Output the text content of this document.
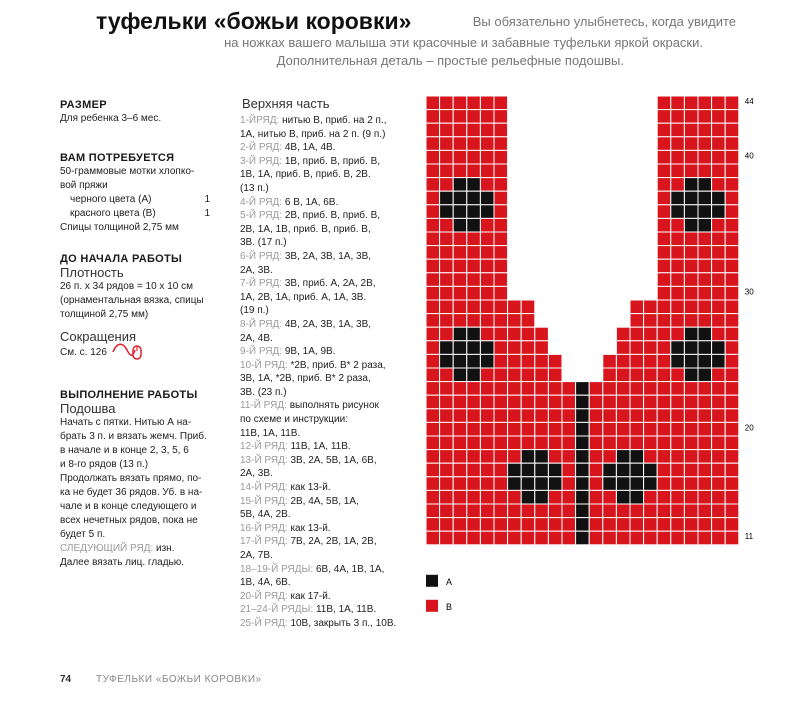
туфельки «божьи коровки»	Вы обязательно улыбнетесь, когда увидите
на ножках вашего малыша эти красочные и забавные туфельки яркой окраски.
Дополнительная деталь – простые рельефные подошвы.
РАЗМЕР
Для ребенка 3–6 мес.
ВАМ ПОТРЕБУЕТСЯ
50-граммовые мотки хлопко-
вой пряжи
черного цвета (А)	1
красного цвета (В)	1
Спицы толщиной 2,75 мм
ДО НАЧАЛА РАБОТЫ
Плотность
26 п. х 34 рядов = 10 х 10 см
(орнаментальная вязка, спицы
толщиной 2,75 мм)
Сокращения
См. с. 126
ВЫПОЛНЕНИЕ РАБОТЫ
Подошва
Начать с пятки. Нитью А на-
брать 3 п. и вязать жемч. Приб.
в начале и в конце 2, 3, 5, 6
и 8-го рядов (13 п.)
Продолжать вязать прямо, по-
ка не будет 36 рядов. Уб. в на-
чале и в конце следующего и
всех нечетных рядов, пока не
будет 5 п.
СЛЕДУЮЩИЙ РЯД: изн.
Далее вязать лиц. гладью.
Верхняя часть
1-ЙРЯД: нитью В, приб. на 2 п.,
1А, нитью В, приб. на 2 п. (9 п.)
2-Й РЯД: 4В, 1А, 4В.
3-Й РЯД: 1В, приб. В, приб. В,
1В, 1А, приб. В, приб. В, 2В.
(13 п.)
4-Й РЯД: 6 В, 1А, 6В.
5-Й РЯД: 2В, приб. В, приб. В,
2В, 1А, 1В, приб. В, приб. В,
3В. (17 п.)
6-Й РЯД: 3В, 2А, 3В, 1А, 3В,
2А, 3В.
7-Й РЯД: 3В, приб. А, 2А, 2В,
1А, 2В, 1А, приб. А, 1А, 3В.
(19 п.)
8-Й РЯД: 4В, 2А, 3В, 1А, 3В,
2А, 4В.
9-Й РЯД: 9В, 1А, 9В.
10-Й РЯД: *2В, приб. В* 2 раза,
3В, 1А, *2В, приб. В* 2 раза,
3В. (23 п.)
11-Й РЯД: выполнять рисунок
по схеме и инструкции:
11В, 1А, 11В.
12-Й РЯД: 11В, 1А, 11В.
13-Й РЯД: 3В, 2А, 5В, 1А, 6В,
2А, 3В.
14-Й РЯД: как 13-й.
15-Й РЯД: 2В, 4А, 5В, 1А,
5В, 4А, 2В.
16-Й РЯД: как 13-й.
17-Й РЯД: 7В, 2А, 2В, 1А, 2В,
2А, 7В.
18–19-Й РЯДЫ: 6В, 4А, 1В, 1А,
1В, 4А, 6В.
20-Й РЯД: как 17-й.
21–24-Й РЯДЫ: 11В, 1А, 11В.
25-Й РЯД: 10В, закрыть 3 п., 10В.
44
40
30
20
11
А
В
74 ТУФЕЛЬКИ «БОЖЬИ КОРОВКИ»
